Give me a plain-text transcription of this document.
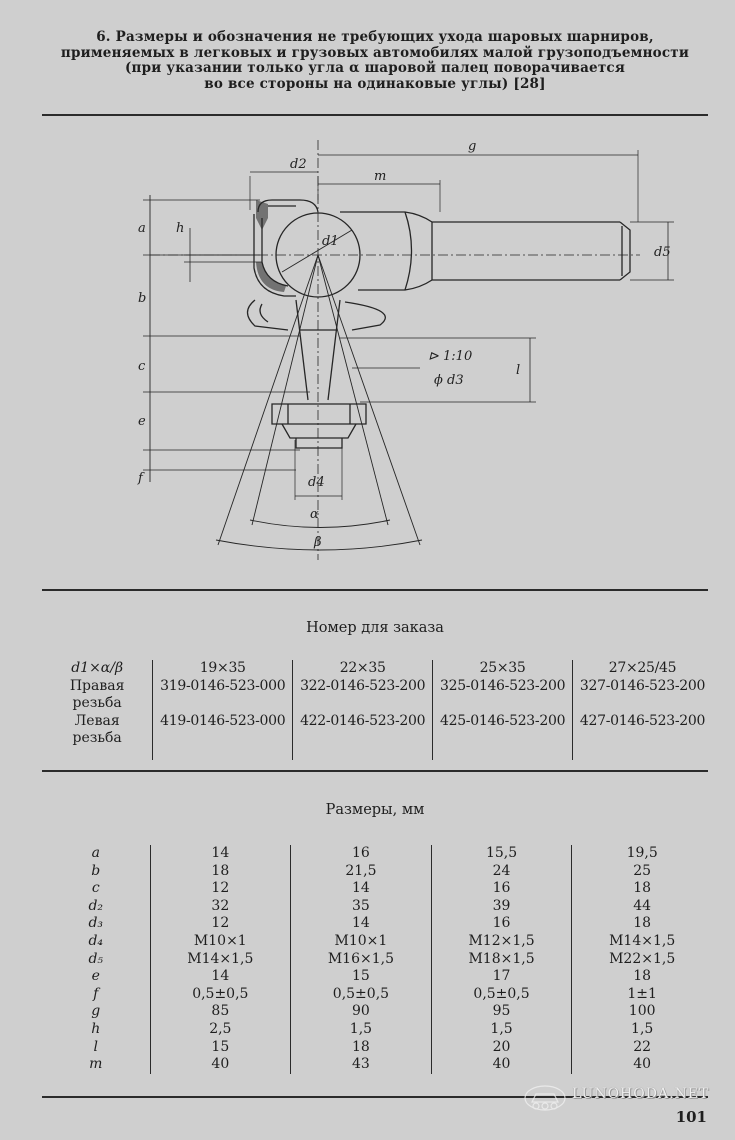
6. Размеры и обозначения не требующих ухода шаровых шарниров,
применяемых в легковых и грузовых автомобилях малой грузоподъемности
(при указании только угла α шаровой палец поворачивается
во все стороны на одинаковые углы) [28]
d2
g
m
a h
d1
d5
b
c
⊳ 1:10
ϕ d3
l
e
f	d4
α
β
Номер для заказа
d1×α/β	19×35	22×35	25×35	27×25/45

Правая
резьба	319-0146-523-000	322-0146-523-200	325-0146-523-200	327-0146-523-200

Левая
резьба	419-0146-523-000	422-0146-523-200	425-0146-523-200	427-0146-523-200
Размеры, мм
a	14	16	15,5	19,5
b	18	21,5	24	25
c	12	14	16	18
d₂	32	35	39	44
d₃	12	14	16	18
d₄	M10×1	M10×1	M12×1,5	M14×1,5
d₅	M14×1,5	M16×1,5	M18×1,5	M22×1,5
e	14	15	17	18
f	0,5±0,5	0,5±0,5	0,5±0,5	1±1
g	85	90	95	100
h	2,5	1,5	1,5	1,5
l	15	18	20	22
m	40	43	40	40
LUNOHODA.NET
101
